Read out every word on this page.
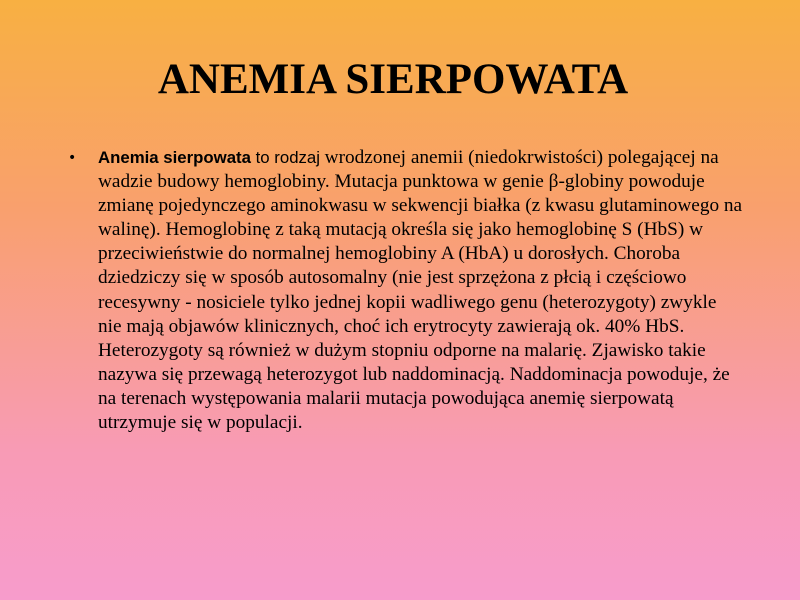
ANEMIA SIERPOWATA
• Anemia sierpowata to rodzaj wrodzonej anemii (niedokrwistości) polegającej na wadzie budowy hemoglobiny. Mutacja punktowa w genie β-globiny powoduje zmianę pojedynczego aminokwasu w sekwencji białka (z kwasu glutaminowego na walinę). Hemoglobinę z taką mutacją określa się jako hemoglobinę S (HbS) w przeciwieństwie do normalnej hemoglobiny A (HbA) u dorosłych. Choroba dziedziczy się w sposób autosomalny (nie jest sprzężona z płcią i częściowo recesywny - nosiciele tylko jednej kopii wadliwego genu (heterozygoty) zwykle nie mają objawów klinicznych, choć ich erytrocyty zawierają ok. 40% HbS. Heterozygoty są również w dużym stopniu odporne na malarię. Zjawisko takie nazywa się przewagą heterozygot lub naddominacją. Naddominacja powoduje, że na terenach występowania malarii mutacja powodująca anemię sierpowatą utrzymuje się w populacji.
